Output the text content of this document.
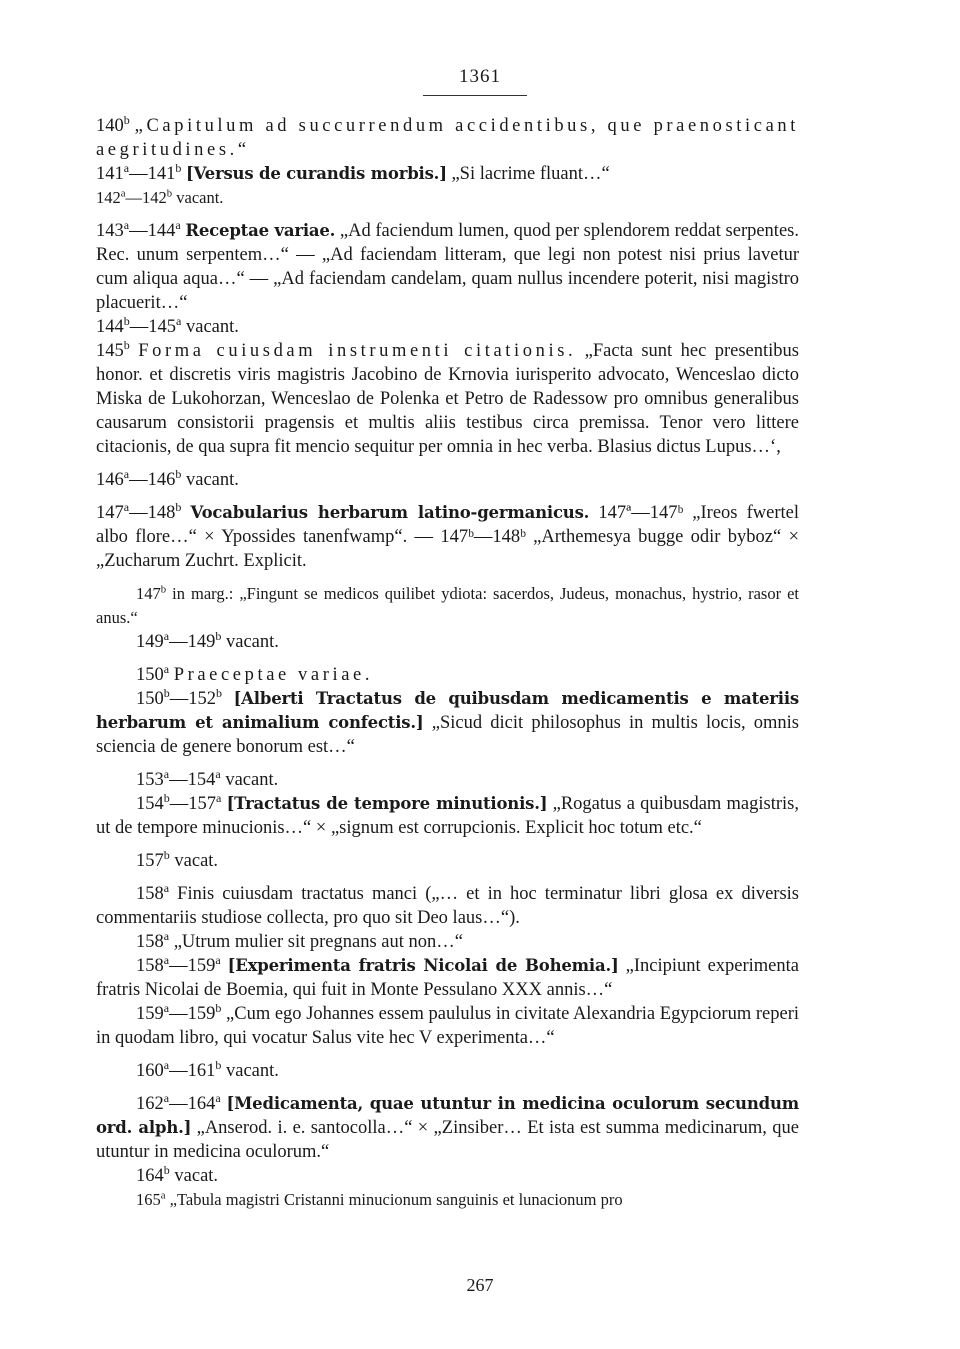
1361

140$^b$ „Capitulum ad succurrendum accidentibus, que praenosticant aegritudines.“

141$^a$—141$^b$ [Versus de curandis morbis.] „Si lacrime fluant…“

142$^a$—142$^b$ vacant.

143$^a$—144$^a$ Receptae variae. „Ad faciendum lumen, quod per splendorem reddat serpentes. Rec. unum serpentem…“ — „Ad faciendam litteram, que legi non potest nisi prius lavetur cum aliqua aqua…“ — „Ad faciendam candelam, quam nullus incendere poterit, nisi magistro placuerit…“

144$^b$—145$^a$ vacant.

145$^b$ Forma cuiusdam instrumenti citationis. „Facta sunt hec presentibus honor. et discretis viris magistris Jacobino de Krnovia iurisperito advocato, Wenceslao dicto Miska de Lukohorzan, Wenceslao de Polenka et Petro de Radessow pro omnibus generalibus causarum consistorii pragensis et multis aliis testibus circa premissa. Tenor vero littere citacionis, de qua supra fit mencio sequitur per omnia in hec verba. Blasius dictus Lupus…‘,

146$^a$—146$^b$ vacant.

147$^a$—148$^b$ Vocabularius herbarum latino-germanicus. 147ª—147ᵇ „Ireos fwertel albo flore…“ × Ypossides tanenfwamp“. — 147ᵇ—148ᵇ „Arthemesya bugge odir byboz“ × „Zucharum Zuchrt. Explicit.

147$^b$ in marg.: „Fingunt se medicos quilibet ydiota: sacerdos, Judeus, monachus, hystrio, rasor et anus.“

149$^a$—149$^b$ vacant.

150$^a$ Praeceptae variae.

150$^b$—152$^b$ [Alberti Tractatus de quibusdam medicamentis e materiis herbarum et animalium confectis.] „Sicud dicit philosophus in multis locis, omnis sciencia de genere bonorum est…“

153$^a$—154$^a$ vacant.

154$^b$—157$^a$ [Tractatus de tempore minutionis.] „Rogatus a quibusdam magistris, ut de tempore minucionis…“ × „signum est corrupcionis. Explicit hoc totum etc.“

157$^b$ vacat.

158$^a$ Finis cuiusdam tractatus manci („… et in hoc terminatur libri glosa ex diversis commentariis studiose collecta, pro quo sit Deo laus…“).

158$^a$ „Utrum mulier sit pregnans aut non…“

158$^a$—159$^a$ [Experimenta fratris Nicolai de Bohemia.] „Incipiunt experimenta fratris Nicolai de Boemia, qui fuit in Monte Pessulano XXX annis…“

159$^a$—159$^b$ „Cum ego Johannes essem paululus in civitate Alexandria Egypciorum reperi in quodam libro, qui vocatur Salus vite hec V experimenta…“

160$^a$—161$^b$ vacant.

162$^a$—164$^a$ [Medicamenta, quae utuntur in medicina oculorum secundum ord. alph.] „Anserod. i. e. santocolla…“ × „Zinsiber… Et ista est summa medicinarum, que utuntur in medicina oculorum.“

164$^b$ vacat.

165$^a$ „Tabula magistri Cristanni minucionum sanguinis et lunacionum pro

267
